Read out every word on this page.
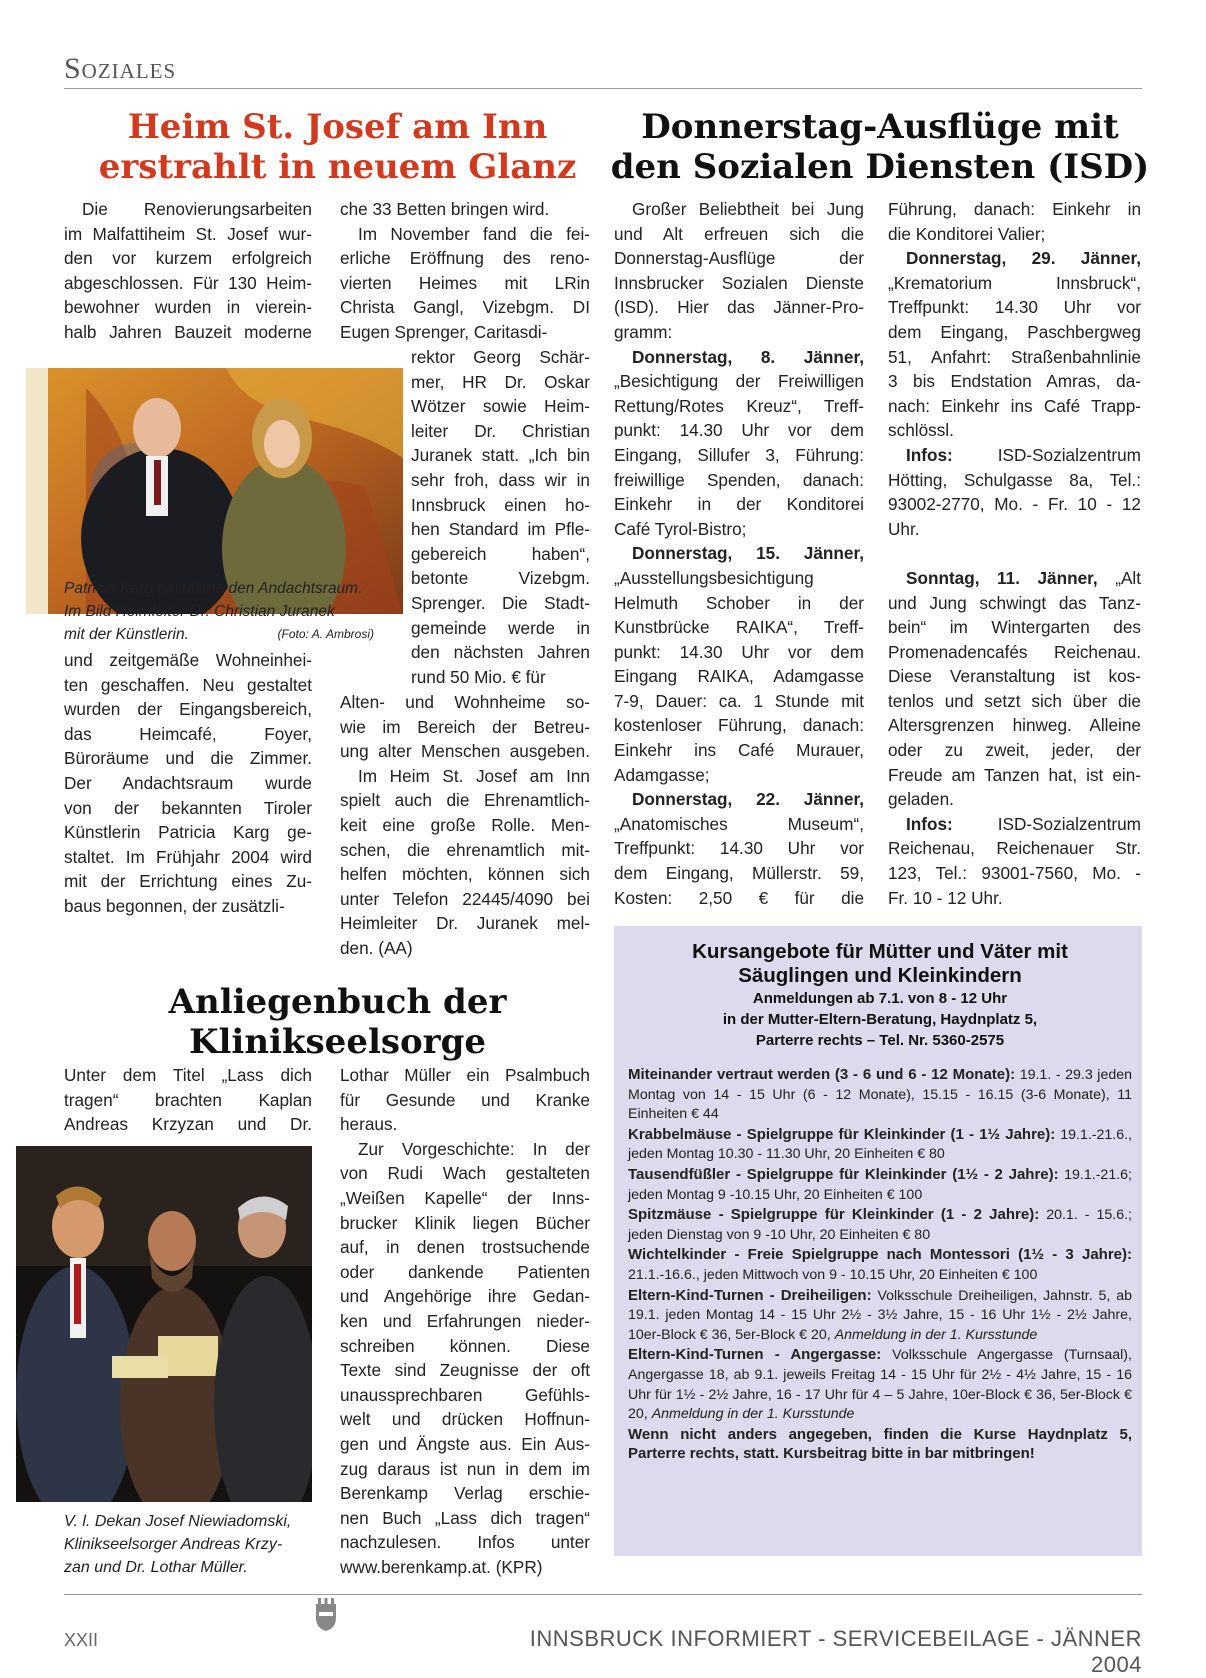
Soziales
Heim St. Josef am Inn
erstrahlt in neuem Glanz
Die Renovierungsarbeiten
im Malfattiheim St. Josef wur-
den vor kurzem erfolgreich
abgeschlossen. Für 130 Heim-
bewohner wurden in vierein-
halb Jahren Bauzeit moderne
Patricia Karg gestaltete den Andachtsraum.
Im Bild Heimleiter Dr. Christian Juranek
mit der Künstlerin.	(Foto: A. Ambrosi)
und zeitgemäße Wohneinhei-
ten geschaffen. Neu gestaltet
wurden der Eingangsbereich,
das Heimcafé, Foyer,
Büroräume und die Zimmer.
Der Andachtsraum wurde
von der bekannten Tiroler
Künstlerin Patricia Karg ge-
staltet. Im Frühjahr 2004 wird
mit der Errichtung eines Zu-
baus begonnen, der zusätzli-
che 33 Betten bringen wird.
Im November fand die fei-
erliche Eröffnung des reno-
vierten Heimes mit LRin
Christa Gangl, Vizebgm. DI
Eugen Sprenger, Caritasdi-
rektor Georg Schär-
mer, HR Dr. Oskar
Wötzer sowie Heim-
leiter Dr. Christian
Juranek statt. „Ich bin
sehr froh, dass wir in
Innsbruck einen ho-
hen Standard im Pfle-
gebereich haben“,
betonte Vizebgm.
Sprenger. Die Stadt-
gemeinde werde in
den nächsten Jahren
rund 50 Mio. € für
Alten- und Wohnheime so-
wie im Bereich der Betreu-
ung alter Menschen ausgeben.
Im Heim St. Josef am Inn
spielt auch die Ehrenamtlich-
keit eine große Rolle. Men-
schen, die ehrenamtlich mit-
helfen möchten, können sich
unter Telefon 22445/4090 bei
Heimleiter Dr. Juranek mel-
den. (AA)
Anliegenbuch der
Klinikseelsorge
Unter dem Titel „Lass dich
tragen“ brachten Kaplan
Andreas Krzyzan und Dr.
V. l. Dekan Josef Niewiadomski,
Klinikseelsorger Andreas Krzy-
zan und Dr. Lothar Müller.
Lothar Müller ein Psalmbuch
für Gesunde und Kranke
heraus.
Zur Vorgeschichte: In der
von Rudi Wach gestalteten
„Weißen Kapelle“ der Inns-
brucker Klinik liegen Bücher
auf, in denen trostsuchende
oder dankende Patienten
und Angehörige ihre Gedan-
ken und Erfahrungen nieder-
schreiben können. Diese
Texte sind Zeugnisse der oft
unaussprechbaren Gefühls-
welt und drücken Hoffnun-
gen und Ängste aus. Ein Aus-
zug daraus ist nun in dem im
Berenkamp Verlag erschie-
nen Buch „Lass dich tragen“
nachzulesen. Infos unter
www.berenkamp.at. (KPR)
Donnerstag-Ausflüge mit
den Sozialen Diensten (ISD)
Großer Beliebtheit bei Jung
und Alt erfreuen sich die
Donnerstag-Ausflüge der
Innsbrucker Sozialen Dienste
(ISD). Hier das Jänner-Pro-
gramm:
Donnerstag, 8. Jänner,
„Besichtigung der Freiwilligen
Rettung/Rotes Kreuz“, Treff-
punkt: 14.30 Uhr vor dem
Eingang, Sillufer 3, Führung:
freiwillige Spenden, danach:
Einkehr in der Konditorei
Café Tyrol-Bistro;
Donnerstag, 15. Jänner,
„Ausstellungsbesichtigung
Helmuth Schober in der
Kunstbrücke RAIKA“, Treff-
punkt: 14.30 Uhr vor dem
Eingang RAIKA, Adamgasse
7-9, Dauer: ca. 1 Stunde mit
kostenloser Führung, danach:
Einkehr ins Café Murauer,
Adamgasse;
Donnerstag, 22. Jänner,
„Anatomisches Museum“,
Treffpunkt: 14.30 Uhr vor
dem Eingang, Müllerstr. 59,
Kosten: 2,50 € für die
Führung, danach: Einkehr in
die Konditorei Valier;
Donnerstag, 29. Jänner,
„Krematorium Innsbruck“,
Treffpunkt: 14.30 Uhr vor
dem Eingang, Paschbergweg
51, Anfahrt: Straßenbahnlinie
3 bis Endstation Amras, da-
nach: Einkehr ins Café Trapp-
schlössl.
Infos: ISD-Sozialzentrum
Hötting, Schulgasse 8a, Tel.:
93002-2770, Mo. - Fr. 10 - 12
Uhr.

Sonntag, 11. Jänner, „Alt
und Jung schwingt das Tanz-
bein“ im Wintergarten des
Promenadencafés Reichenau.
Diese Veranstaltung ist kos-
tenlos und setzt sich über die
Altersgrenzen hinweg. Alleine
oder zu zweit, jeder, der
Freude am Tanzen hat, ist ein-
geladen.
Infos: ISD-Sozialzentrum
Reichenau, Reichenauer Str.
123, Tel.: 93001-7560, Mo. -
Fr. 10 - 12 Uhr.
Kursangebote für Mütter und Väter mit
Säuglingen und Kleinkindern
Anmeldungen ab 7.1. von 8 - 12 Uhr
in der Mutter-Eltern-Beratung, Haydnplatz 5,
Parterre rechts – Tel. Nr. 5360-2575

Miteinander vertraut werden (3 - 6 und 6 - 12 Monate): 19.1. - 29.3 jeden Montag von 14 - 15 Uhr (6 - 12 Monate), 15.15 - 16.15 (3-6 Monate), 11 Einheiten € 44

Krabbelmäuse - Spielgruppe für Kleinkinder (1 - 1½ Jahre): 19.1.-21.6., jeden Montag 10.30 - 11.30 Uhr, 20 Einheiten € 80

Tausendfüßler - Spielgruppe für Kleinkinder (1½ - 2 Jahre): 19.1.-21.6; jeden Montag 9 -10.15 Uhr, 20 Einheiten € 100

Spitzmäuse - Spielgruppe für Kleinkinder (1 - 2 Jahre): 20.1. - 15.6.; jeden Dienstag von 9 -10 Uhr, 20 Einheiten € 80

Wichtelkinder - Freie Spielgruppe nach Montessori (1½ - 3 Jahre): 21.1.-16.6., jeden Mittwoch von 9 - 10.15 Uhr, 20 Einheiten € 100

Eltern-Kind-Turnen - Dreiheiligen: Volksschule Dreiheiligen, Jahnstr. 5, ab 19.1. jeden Montag 14 - 15 Uhr 2½ - 3½ Jahre, 15 - 16 Uhr 1½ - 2½ Jahre, 10er-Block € 36, 5er-Block € 20, Anmeldung in der 1. Kursstunde

Eltern-Kind-Turnen - Angergasse: Volksschule Angergasse (Turnsaal), Angergasse 18, ab 9.1. jeweils Freitag 14 - 15 Uhr für 2½ - 4½ Jahre, 15 - 16 Uhr für 1½ - 2½ Jahre, 16 - 17 Uhr für 4 – 5 Jahre, 10er-Block € 36, 5er-Block € 20, Anmeldung in der 1. Kursstunde

Wenn nicht anders angegeben, finden die Kurse Haydnplatz 5, Parterre rechts, statt. Kursbeitrag bitte in bar mitbringen!

XXII	INNSBRUCK INFORMIERT - SERVICEBEILAGE - JÄNNER 2004
